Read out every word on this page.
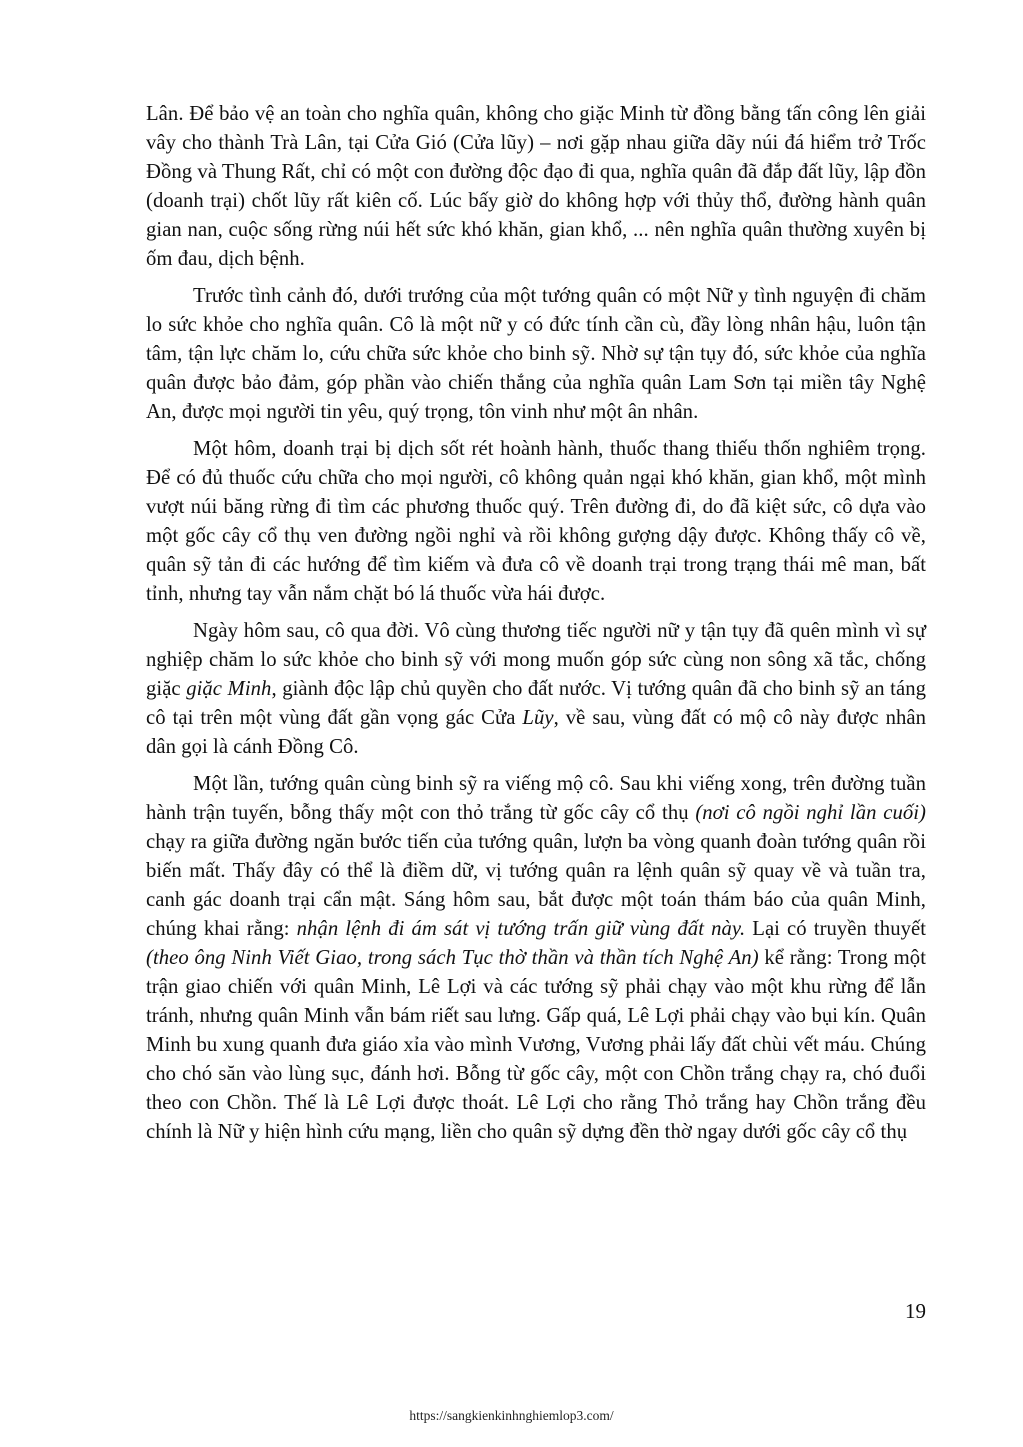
Lân. Để bảo vệ an toàn cho nghĩa quân, không cho giặc Minh từ đồng bằng tấn công lên giải vây cho thành Trà Lân, tại Cửa Gió (Cửa lũy) – nơi gặp nhau giữa dãy núi đá hiểm trở Trốc Đồng và Thung Rất, chỉ có một con đường độc đạo đi qua, nghĩa quân đã đắp đất lũy, lập đồn (doanh trại) chốt lũy rất kiên cố. Lúc bấy giờ do không hợp với thủy thổ, đường hành quân gian nan, cuộc sống rừng núi hết sức khó khăn, gian khổ, ... nên nghĩa quân thường xuyên bị ốm đau, dịch bệnh.

Trước tình cảnh đó, dưới trướng của một tướng quân có một Nữ y tình nguyện đi chăm lo sức khỏe cho nghĩa quân. Cô là một nữ y có đức tính cần cù, đầy lòng nhân hậu, luôn tận tâm, tận lực chăm lo, cứu chữa sức khỏe cho binh sỹ. Nhờ sự tận tụy đó, sức khỏe của nghĩa quân được bảo đảm, góp phần vào chiến thắng của nghĩa quân Lam Sơn tại miền tây Nghệ An, được mọi người tin yêu, quý trọng, tôn vinh như một ân nhân.

Một hôm, doanh trại bị dịch sốt rét hoành hành, thuốc thang thiếu thốn nghiêm trọng. Để có đủ thuốc cứu chữa cho mọi người, cô không quản ngại khó khăn, gian khổ, một mình vượt núi băng rừng đi tìm các phương thuốc quý. Trên đường đi, do đã kiệt sức, cô dựa vào một gốc cây cổ thụ ven đường ngồi nghỉ và rồi không gượng dậy được. Không thấy cô về, quân sỹ tản đi các hướng để tìm kiếm và đưa cô về doanh trại trong trạng thái mê man, bất tỉnh, nhưng tay vẫn nắm chặt bó lá thuốc vừa hái được.

Ngày hôm sau, cô qua đời. Vô cùng thương tiếc người nữ y tận tụy đã quên mình vì sự nghiệp chăm lo sức khỏe cho binh sỹ với mong muốn góp sức cùng non sông xã tắc, chống giặc giặc Minh, giành độc lập chủ quyền cho đất nước. Vị tướng quân đã cho binh sỹ an táng cô tại trên một vùng đất gần vọng gác Cửa Lũy, về sau, vùng đất có mộ cô này được nhân dân gọi là cánh Đồng Cô.

Một lần, tướng quân cùng binh sỹ ra viếng mộ cô. Sau khi viếng xong, trên đường tuần hành trận tuyến, bỗng thấy một con thỏ trắng từ gốc cây cổ thụ (nơi cô ngồi nghỉ lần cuối) chạy ra giữa đường ngăn bước tiến của tướng quân, lượn ba vòng quanh đoàn tướng quân rồi biến mất. Thấy đây có thể là điềm dữ, vị tướng quân ra lệnh quân sỹ quay về và tuần tra, canh gác doanh trại cẩn mật. Sáng hôm sau, bắt được một toán thám báo của quân Minh, chúng khai rằng: nhận lệnh đi ám sát vị tướng trấn giữ vùng đất này. Lại có truyền thuyết (theo ông Ninh Viết Giao, trong sách Tục thờ thần và thần tích Nghệ An) kể rằng: Trong một trận giao chiến với quân Minh, Lê Lợi và các tướng sỹ phải chạy vào một khu rừng để lẫn tránh, nhưng quân Minh vẫn bám riết sau lưng. Gấp quá, Lê Lợi phải chạy vào bụi kín. Quân Minh bu xung quanh đưa giáo xỉa vào mình Vương, Vương phải lấy đất chùi vết máu. Chúng cho chó săn vào lùng sục, đánh hơi. Bỗng từ gốc cây, một con Chồn trắng chạy ra, chó đuổi theo con Chồn. Thế là Lê Lợi được thoát. Lê Lợi cho rằng Thỏ trắng hay Chồn trắng đều chính là Nữ y hiện hình cứu mạng, liền cho quân sỹ dựng đền thờ ngay dưới gốc cây cổ thụ

19
https://sangkienkinhnghiemlop3.com/
